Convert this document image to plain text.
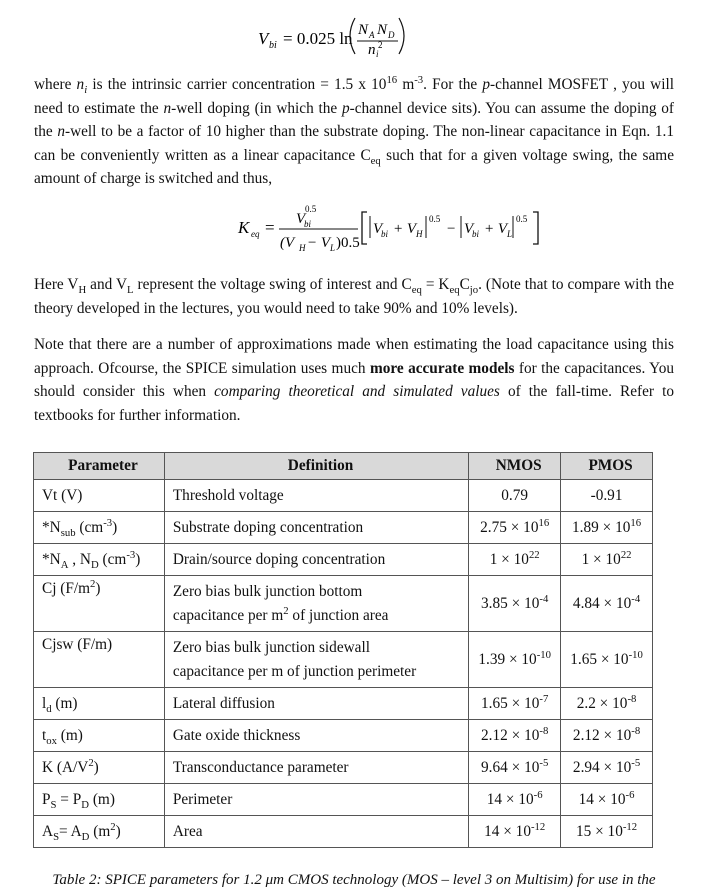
V bi = 0.025 ln N A N D
n i
2

where $n_i$ is the intrinsic carrier concentration = 1.5 x $10^{16}$ $m^{-3}$. For the p-channel MOSFET , you will need to estimate the n-well doping (in which the p-channel device sits). You can assume the doping of the n-well to be a factor of 10 higher than the substrate doping. The non-linear capacitance in Eqn. 1.1 can be conveniently written as a linear capacitance $C_{eq}$ such that for a given voltage swing, the same amount of charge is switched and thus,

K eq = V
bi
0.5
(V H − V L )0.5
V
bi + V H
0.5
− V
bi + V L
0.5

Here $V_H$ and $V_L$ represent the voltage swing of interest and $C_{eq} = K_{eq}C_{jo}$. (Note that to compare with the theory developed in the lectures, you would need to take 90% and 10% levels).

Note that there are a number of approximations made when estimating the load capacitance using this approach. Ofcourse, the SPICE simulation uses much more accurate models for the capacitances. You should consider this when comparing theoretical and simulated values of the fall-time. Refer to textbooks for further information.

Parameter	Definition	NMOS	PMOS
Vt (V)	Threshold voltage	0.79	-0.91
$*N_{sub}$ $(cm^{-3})$	Substrate doping concentration	$2.75 \times 10^{16}$	$1.89 \times 10^{16}$
$*N_A$ , $N_D$ $(cm^{-3})$	Drain/source doping concentration	$1 \times 10^{22}$	$1 \times 10^{22}$
Cj $(F/m^2)$	Zero bias bulk junction bottom
capacitance per $m^2$ of junction area	$3.85 \times 10^{-4}$	$4.84 \times 10^{-4}$
Cjsw (F/m)	Zero bias bulk junction sidewall
capacitance per m of junction perimeter	$1.39 \times 10^{-10}$	$1.65 \times 10^{-10}$
$l_d$ (m)	Lateral diffusion	$1.65 \times 10^{-7}$	$2.2 \times 10^{-8}$
$t_{ox}$ (m)	Gate oxide thickness	$2.12 \times 10^{-8}$	$2.12 \times 10^{-8}$
K $(A/V^2)$	Transconductance parameter	$9.64 \times 10^{-5}$	$2.94 \times 10^{-5}$
$P_S = P_D$ (m)	Perimeter	$14 \times 10^{-6}$	$14 \times 10^{-6}$
$A_S= A_D$ $(m^2)$	Area	$14 \times 10^{-12}$	$15 \times 10^{-12}$

Table 2: SPICE parameters for 1.2 μm CMOS technology (MOS – level 3 on Multisim) for use in the
